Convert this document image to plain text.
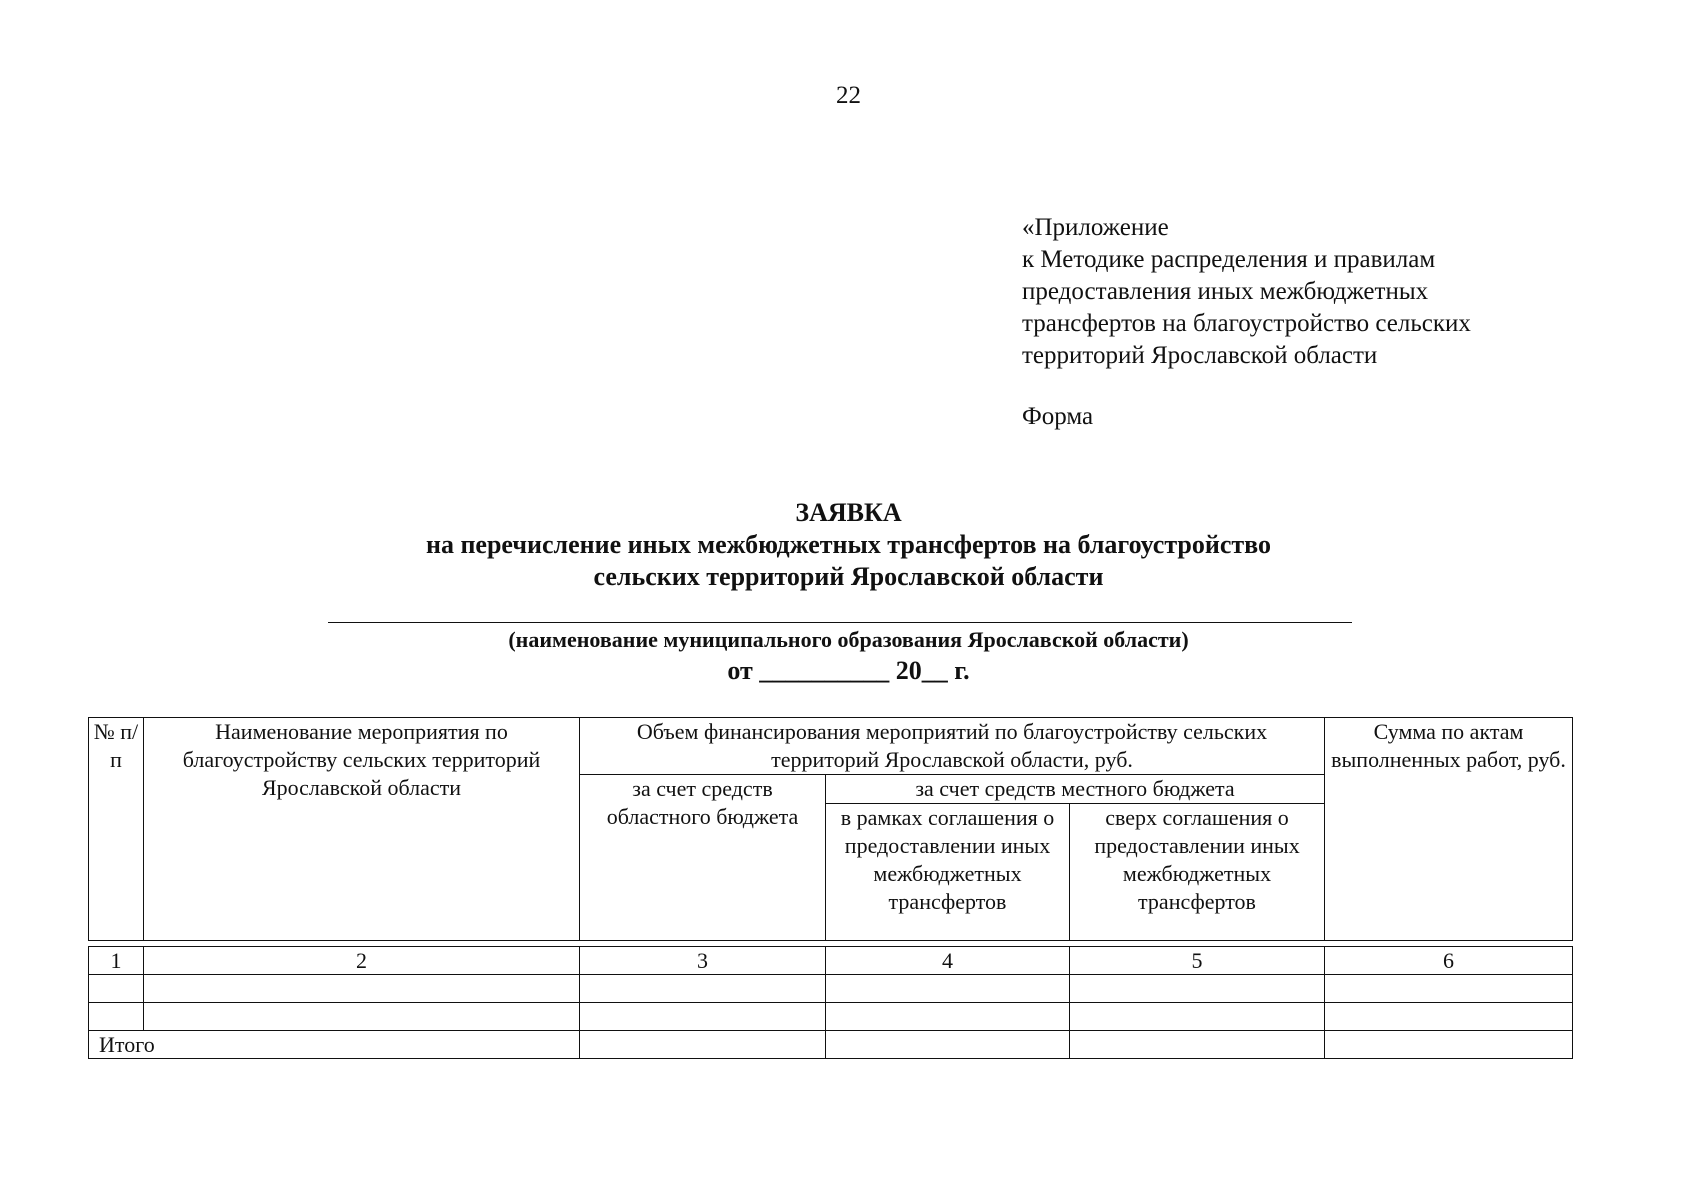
22
«Приложение
к Методике распределения и правилам
предоставления иных межбюджетных
трансфертов на благоустройство сельских
территорий Ярославской области
Форма
ЗАЯВКА
на перечисление иных межбюджетных трансфертов на благоустройство
сельских территорий Ярославской области
(наименование муниципального образования Ярославской области)
от __________ 20__ г.
№ п/п	Наименование мероприятия по благоустройству сельских территорий Ярославской области	Объем финансирования мероприятий по благоустройству сельских территорий Ярославской области, руб.			Сумма по актам выполненных работ, руб.
		за счет средств областного бюджета	за счет средств местного бюджета		
			в рамках соглашения о предоставлении иных межбюджетных трансфертов	сверх соглашения о предоставлении иных межбюджетных трансфертов	
1	2	3	4	5	6

Итого					
